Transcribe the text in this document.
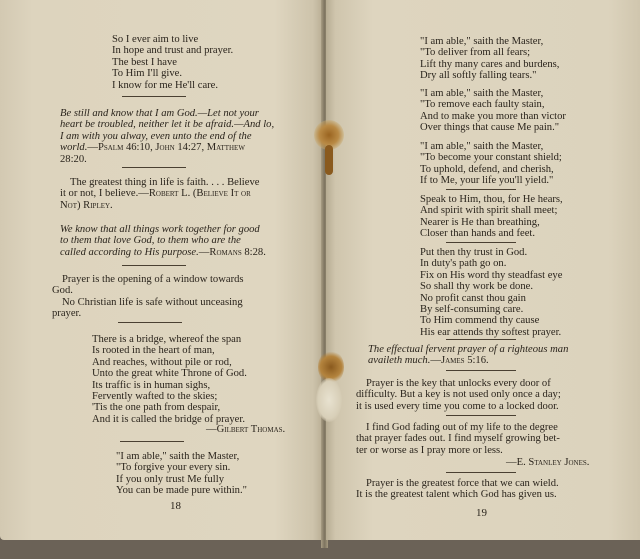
So I ever aim to live

In hope and trust and prayer.

The best I have

To Him I'll give.

I know for me He'll care.

Be still and know that I am God.—Let not your

heart be troubled, neither let it be afraid.—And lo,

I am with you alway, even unto the end of the

world.—Psalm 46:10, John 14:27, Matthew

28:20.

The greatest thing in life is faith. . . . Believe

it or not, I believe.—Robert L. (Believe It or

Not) Ripley.

We know that all things work together for good

to them that love God, to them who are the

called according to His purpose.—Romans 8:28.

Prayer is the opening of a window towards

God.

No Christian life is safe without unceasing

prayer.

There is a bridge, whereof the span

Is rooted in the heart of man,

And reaches, without pile or rod,

Unto the great white Throne of God.

Its traffic is in human sighs,

Fervently wafted to the skies;

'Tis the one path from despair,

And it is called the bridge of prayer.

—Gilbert Thomas.

"I am able," saith the Master,

"To forgive your every sin.

If you only trust Me fully

You can be made pure within."

18

"I am able," saith the Master,

"To deliver from all fears;

Lift thy many cares and burdens,

Dry all softly falling tears."

"I am able," saith the Master,

"To remove each faulty stain,

And to make you more than victor

Over things that cause Me pain."

"I am able," saith the Master,

"To become your constant shield;

To uphold, defend, and cherish,

If to Me, your life you'll yield."

Speak to Him, thou, for He hears,

And spirit with spirit shall meet;

Nearer is He than breathing,

Closer than hands and feet.

Put then thy trust in God.

In duty's path go on.

Fix on His word thy steadfast eye

So shall thy work be done.

No profit canst thou gain

By self-consuming care.

To Him commend thy cause

His ear attends thy softest prayer.

The effectual fervent prayer of a righteous man

availeth much.—James 5:16.

Prayer is the key that unlocks every door of

difficulty. But a key is not used only once a day;

it is used every time you come to a locked door.

I find God fading out of my life to the degree

that prayer fades out. I find myself growing bet-

ter or worse as I pray more or less.

—E. Stanley Jones.

Prayer is the greatest force that we can wield.

It is the greatest talent which God has given us.

19
